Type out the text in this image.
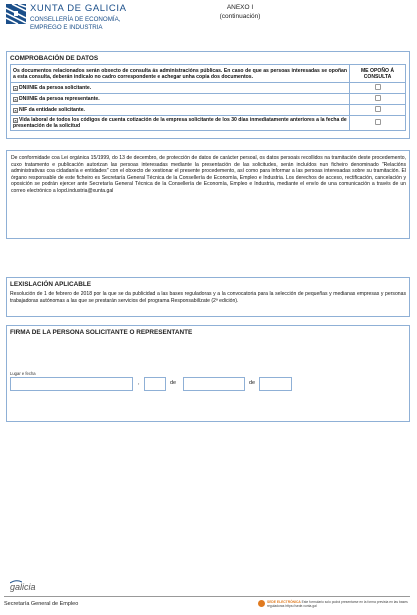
XUNTA DE GALICIA
CONSELLERÍA DE ECONOMÍA,
EMPREGO E INDUSTRIA
ANEXO I
(continuación)
COMPROBACIÓN DE DATOS
Os documentos relacionados serán obxecto de consulta ás administracións públicas. En caso de que as persoas interesadas se opoñan a esta consulta, deberán indicalo no cadro correspondente e achegar unha copia dos documentos.	ME OPOÑO Á CONSULTA
× DNI/NIE da persoa solicitante.	
× DNI/NIE da persoa representante.	
× NIF da entidade solicitante.	
× Vida laboral de todos los códigos de cuenta cotización de la empresa solicitante de los 30 días inmediatamente anteriores a la fecha de presentación de la solicitud	
De conformidade coa Lei orgánica 15/1999, do 13 de decembro, de protección de datos de carácter persoal, os datos persoais recollidos na tramitación deste procedemento, cuxo tratamento e publicación autorizan las persoas interesadas mediante la presentación de las solicitudes, serán incluídos nun ficheiro denominado "Relacións administrativas coa cidadanía e entidades" con el obxecto de xestionar el presente procedemento, así como para informar a las persoas interesadas sobre su tramitación. El órgano responsable de este ficheiro es Secretaría General Técnica de la Consellería de Economía, Empleo e Industria. Los derechos de acceso, rectificación, cancelación y oposición se podrán ejercer ante Secretaría General Técnica de la Consellería de Economía, Empleo e Industria, mediante el envío de una comunicación a través de un correo electrónico a lopd.industria@xunta.gal
LEXISLACIÓN APLICABLE
Resolución de 1 de febrero de 2018 por la que se da publicidad a las bases reguladoras y a la convocatoria para la selección de pequeñas y medianas empresas y personas trabajadoras autónomas a las que se prestarán servicios del programa Responsabilízate (2ª edición).
FIRMA DE LA PERSONA SOLICITANTE O REPRESENTANTE
Lugar e fecha
,	de	de
galicia
Secretaría General de Empleo	SEDE ELECTRÓNICA Este formulario solo podrá presentarse en la forma prevista en las bases reguladoras https://sede.xunta.gal
